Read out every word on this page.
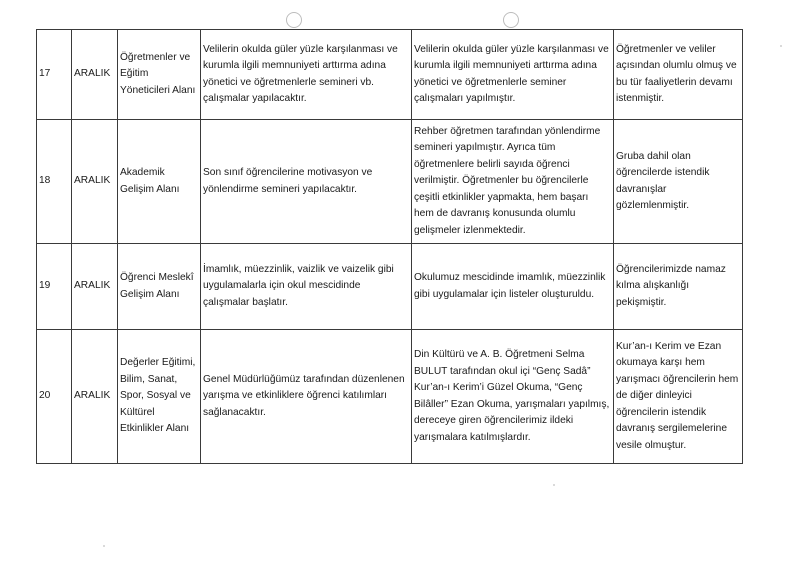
17	ARALIK	Öğretmenler ve Eğitim Yöneticileri Alanı	Velilerin okulda güler yüzle karşılanması ve kurumla ilgili memnuniyeti arttırma adına yönetici ve öğretmenlerle semineri vb. çalışmalar yapılacaktır.	Velilerin okulda güler yüzle karşılanması ve kurumla ilgili memnuniyeti arttırma adına yönetici ve öğretmenlerle seminer çalışmaları yapılmıştır.	Öğretmenler ve veliler açısından olumlu olmuş ve bu tür faaliyetlerin devamı istenmiştir.
18	ARALIK	Akademik Gelişim Alanı	Son sınıf öğrencilerine motivasyon ve yönlendirme semineri yapılacaktır.	Rehber öğretmen tarafından yönlendirme semineri yapılmıştır. Ayrıca tüm öğretmenlere belirli sayıda öğrenci verilmiştir. Öğretmenler bu öğrencilerle çeşitli etkinlikler yapmakta, hem başarı hem de davranış konusunda olumlu gelişmeler izlenmektedir.	Gruba dahil olan öğrencilerde istendik davranışlar gözlemlenmiştir.
19	ARALIK	Öğrenci Meslekî Gelişim Alanı	İmamlık, müezzinlik, vaizlik ve vaizelik gibi uygulamalarla için okul mescidinde çalışmalar başlatır.	Okulumuz mescidinde imamlık, müezzinlik gibi uygulamalar için listeler oluşturuldu.	Öğrencilerimizde namaz kılma alışkanlığı pekişmiştir.
20	ARALIK	Değerler Eğitimi, Bilim, Sanat, Spor, Sosyal ve Kültürel Etkinlikler Alanı	Genel Müdürlüğümüz tarafından düzenlenen yarışma ve etkinliklere öğrenci katılımları sağlanacaktır.	Din Kültürü ve A. B. Öğretmeni Selma BULUT tarafından okul içi “Genç Sadâ” Kur’an-ı Kerim’i Güzel Okuma, “Genç Bilâller” Ezan Okuma, yarışmaları yapılmış, dereceye giren öğrencilerimiz ildeki yarışmalara katılmışlardır.	Kur’an-ı Kerim ve Ezan okumaya karşı hem yarışmacı öğrencilerin hem de diğer dinleyici öğrencilerin istendik davranış sergilemelerine vesile olmuştur.
